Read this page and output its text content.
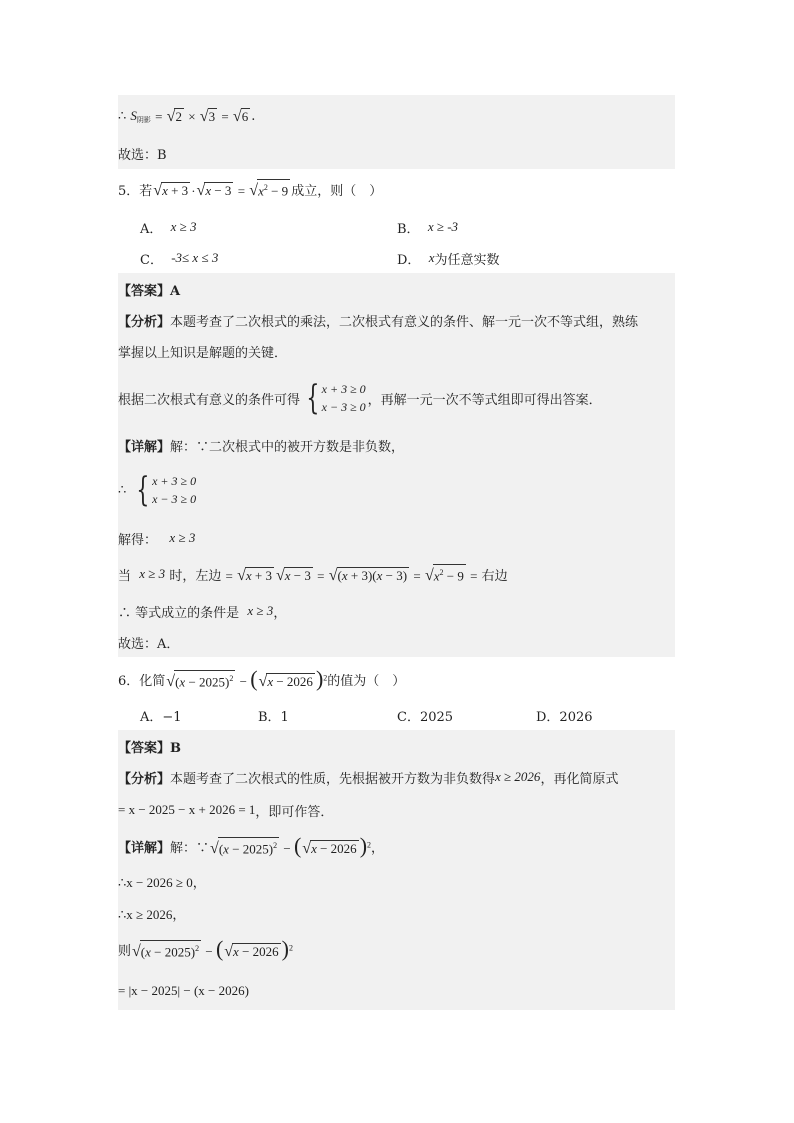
∴
$S_{阴影}$
= √ 2 × √ 3 = √ 6 .
故选：B
5．若 √ x + 3 · √ x − 3 = √ $x^2 - 9$ 成立，则（　）
A．
x ≥ 3	B．
x ≥ -3
C．
-3≤ x ≤ 3	D．
x 为任意实数
【答案】A
【分析】 本题考查了二次根式的乘法，二次根式有意义的条件、解一元一次不等式组，熟练
掌握以上知识是解题的关键．
根据二次根式有意义的条件可得 { x + 3 ≥ 0
x − 3 ≥ 0 ，再解一元一次不等式组即可得出答案．
【详解】 解：∵二次根式中的被开方数是非负数，
∴
{ x + 3 ≥ 0
x − 3 ≥ 0
解得：
x ≥ 3
当
x ≥ 3
时，左边
= √ x + 3 √ x − 3 = √ (x + 3)(x − 3) = √ $x^2 - 9$ =
右边
∴ 等式成立的条件是
x ≥ 3 ，
故选：A．
6．化简 √ $(x - 2025)^2$ − ( √ x − 2026 )$^2$ 的值为（　）
A．−1	B．1	C．2025	D．2026
【答案】B
【分析】 本题考查了二次根式的性质，先根据被开方数为非负数得 x ≥ 2026 ，再化简原式
= x − 2025 − x + 2026 = 1 ，即可作答．
【详解】 解：∵ √ $(x - 2025)^2$ − ( √ x − 2026 )$^2$ ，
∴x − 2026 ≥ 0，
∴x ≥ 2026，
则 √ $(x - 2025)^2$ − ( √ x − 2026 )$^2$
= |x − 2025| − (x − 2026)
